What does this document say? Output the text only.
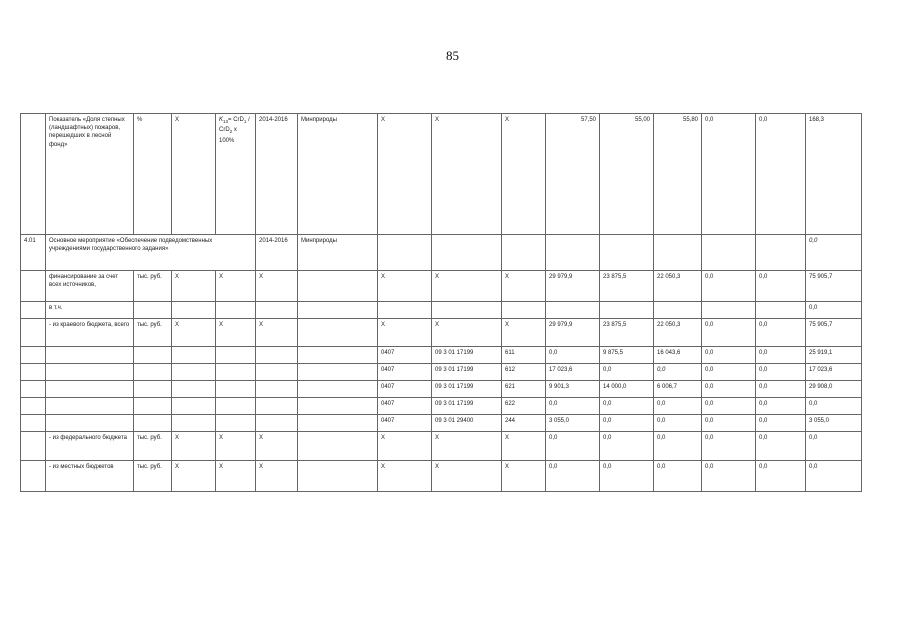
85
	Показатель «Доля степных (ландшафтных) пожаров, перешедших в лесной фонд»	%	X	$K_{13}= CrD_1 / CrD_2$ x 100%	2014-2016	Минприроды	X	X	X	57,50	55,00	55,80	0,0	0,0	168,3
4.01	Основное мероприятие «Обеспечение подведомственных учреждениями государственного задания»				2014-2016	Минприроды									0,0
	финансирование за счет всех источников,	тыс. руб.	X	X	X		X	X	X	29 979,9	23 875,5	22 050,3	0,0	0,0	75 905,7
	в т.ч.														0,0
	- из краевого бюджета, всего	тыс. руб.	X	X	X		X	X	X	29 979,9	23 875,5	22 050,3	0,0	0,0	75 905,7
							0407	09 3 01 17199	611	0,0	9 875,5	16 043,6	0,0	0,0	25 919,1
							0407	09 3 01 17199	612	17 023,6	0,0	0,0	0,0	0,0	17 023,6
							0407	09 3 01 17199	621	9 901,3	14 000,0	6 006,7	0,0	0,0	29 908,0
							0407	09 3 01 17199	622	0,0	0,0	0,0	0,0	0,0	0,0
							0407	09 3 01 29400	244	3 055,0	0,0	0,0	0,0	0,0	3 055,0
	- из федерального бюджета	тыс. руб.	X	X	X		X	X	X	0,0	0,0	0,0	0,0	0,0	0,0
	- из местных бюджетов	тыс. руб.	X	X	X		X	X	X	0,0	0,0	0,0	0,0	0,0	0,0
